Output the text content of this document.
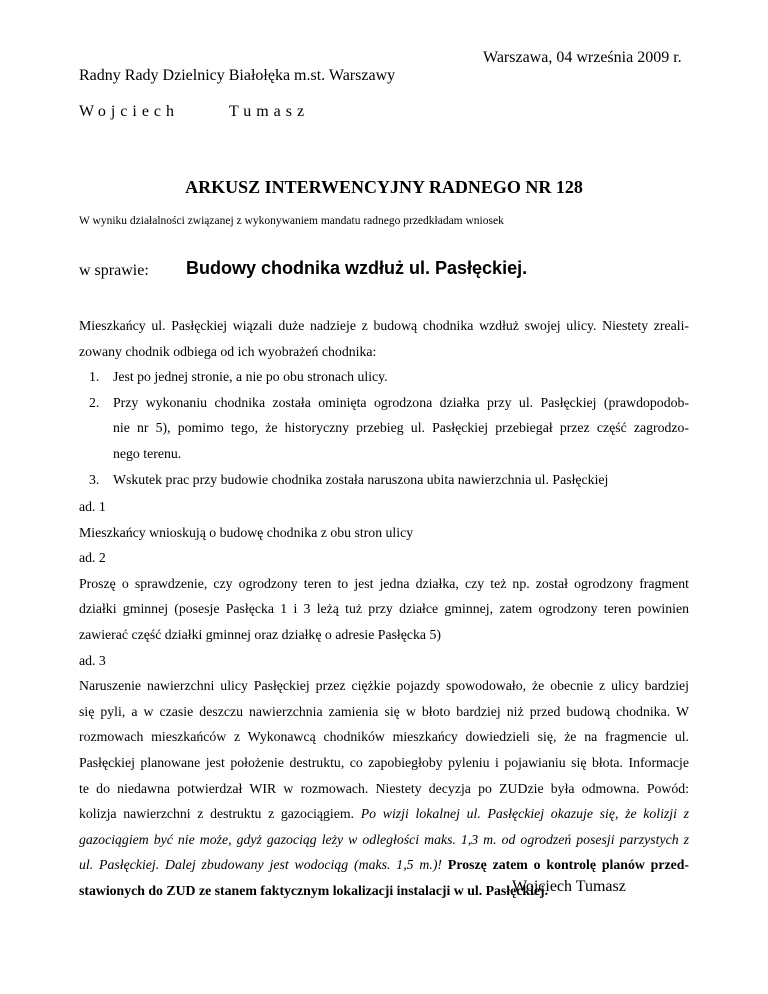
Warszawa, 04 września 2009 r.
Radny Rady Dzielnicy Białołęka m.st. Warszawy
Wojciech	Tumasz
ARKUSZ INTERWENCYJNY RADNEGO NR 128
W wyniku działalności związanej z wykonywaniem mandatu radnego przedkładam wniosek
w sprawie: Budowy chodnika wzdłuż ul. Pasłęckiej.
Mieszkańcy ul. Pasłęckiej wiązali duże nadzieje z budową chodnika wzdłuż swojej ulicy. Niestety zreali-
zowany chodnik odbiega od ich wyobrażeń chodnika:
1. Jest po jednej stronie, a nie po obu stronach ulicy.
2. Przy wykonaniu chodnika została ominięta ogrodzona działka przy ul. Pasłęckiej (prawdopodob-
nie nr 5), pomimo tego, że historyczny przebieg ul. Pasłęckiej przebiegał przez część zagrodzo-
nego terenu.
3. Wskutek prac przy budowie chodnika została naruszona ubita nawierzchnia ul. Pasłęckiej
ad. 1
Mieszkańcy wnioskują o budowę chodnika z obu stron ulicy
ad. 2
Proszę o sprawdzenie, czy ogrodzony teren to jest jedna działka, czy też np. został ogrodzony fragment
działki gminnej (posesje Pasłęcka 1 i 3 leżą tuż przy działce gminnej, zatem ogrodzony teren powinien
zawierać część działki gminnej oraz działkę o adresie Pasłęcka 5)
ad. 3
Naruszenie nawierzchni ulicy Pasłęckiej przez ciężkie pojazdy spowodowało, że obecnie z ulicy bardziej
się pyli, a w czasie deszczu nawierzchnia zamienia się w błoto bardziej niż przed budową chodnika. W
rozmowach mieszkańców z Wykonawcą chodników mieszkańcy dowiedzieli się, że na fragmencie ul.
Pasłęckiej planowane jest położenie destruktu, co zapobiegłoby pyleniu i pojawianiu się błota. Informacje
te do niedawna potwierdzał WIR w rozmowach. Niestety decyzja po ZUDzie była odmowna. Powód:
kolizja nawierzchni z destruktu z gazociągiem. Po wizji lokalnej ul. Pasłęckiej okazuje się, że kolizji z
gazociągiem być nie może, gdyż gazociąg leży w odległości maks. 1,3 m. od ogrodzeń posesji parzystych z
ul. Pasłęckiej. Dalej zbudowany jest wodociąg (maks. 1,5 m.)! Proszę zatem o kontrolę planów przed-
stawionych do ZUD ze stanem faktycznym lokalizacji instalacji w ul. Pasłęckiej.
Wojciech Tumasz
